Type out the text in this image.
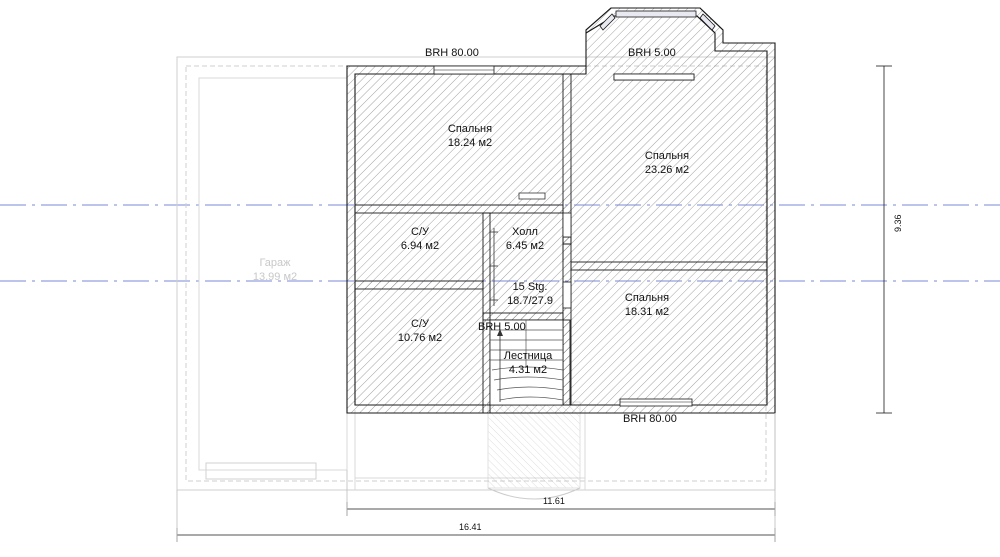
Гараж
13.99 м2
Спальня
18.24 м2
Спальня
23.26 м2
Спальня
18.31 м2
С/У
6.94 м2
С/У
10.76 м2
Холл
6.45 м2
Лестница
4.31 м2
15 Stg.
18.7/27.9
BRH 80.00	BRH 5.00
BRH 5.00
BRH 80.00
9.36
11.61
16.41
